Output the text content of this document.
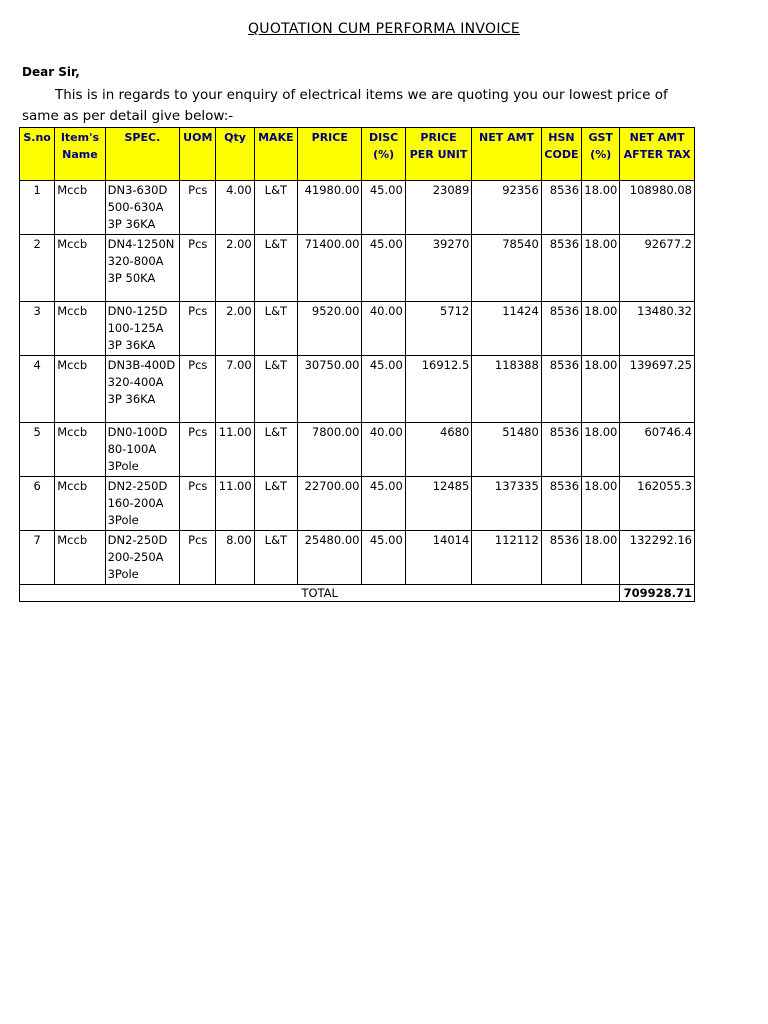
QUOTATION CUM PERFORMA INVOICE
Dear Sir,
This is in regards to your enquiry of electrical items we are quoting you our lowest price of same as per detail give below:-
S.no	Item's Name	SPEC.	UOM	Qty	MAKE	PRICE	DISC (%)	PRICE PER UNIT	NET AMT	HSN CODE	GST (%)	NET AMT AFTER TAX
1	Mccb	DN3-630D 500-630A 3P 36KA	Pcs	4.00	L&T	41980.00	45.00	23089	92356	8536	18.00	108980.08
2	Mccb	DN4-1250N 320-800A 3P 50KA	Pcs	2.00	L&T	71400.00	45.00	39270	78540	8536	18.00	92677.2
3	Mccb	DN0-125D 100-125A 3P 36KA	Pcs	2.00	L&T	9520.00	40.00	5712	11424	8536	18.00	13480.32
4	Mccb	DN3B-400D 320-400A 3P 36KA	Pcs	7.00	L&T	30750.00	45.00	16912.5	118388	8536	18.00	139697.25
5	Mccb	DN0-100D 80-100A 3Pole	Pcs	11.00	L&T	7800.00	40.00	4680	51480	8536	18.00	60746.4
6	Mccb	DN2-250D 160-200A 3Pole	Pcs	11.00	L&T	22700.00	45.00	12485	137335	8536	18.00	162055.3
7	Mccb	DN2-250D 200-250A 3Pole	Pcs	8.00	L&T	25480.00	45.00	14014	112112	8536	18.00	132292.16
TOTAL												709928.71
